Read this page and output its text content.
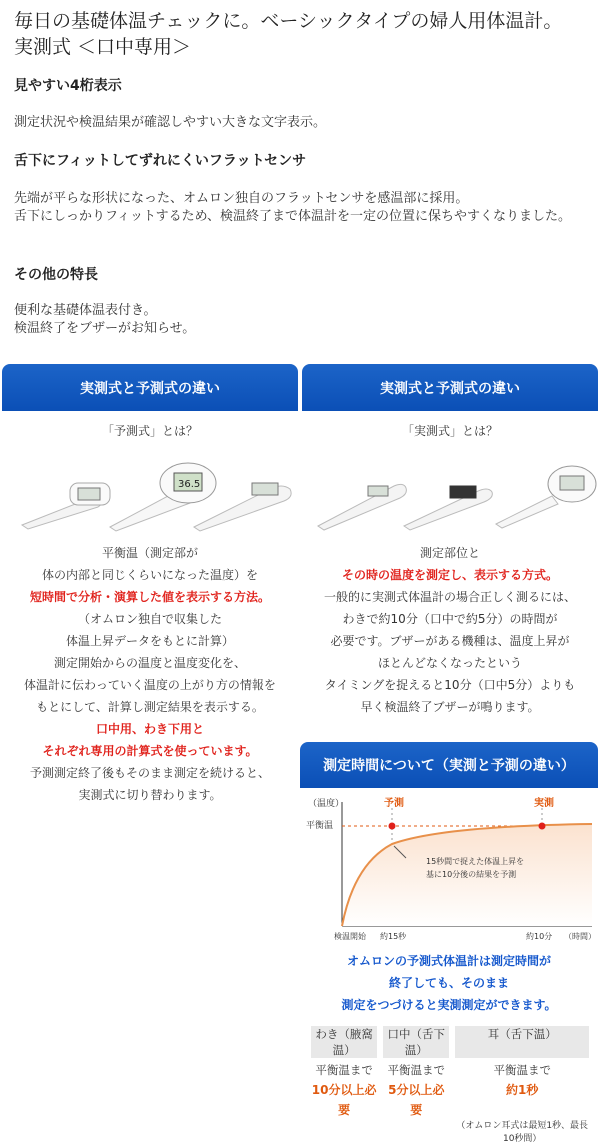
毎日の基礎体温チェックに。ベーシックタイプの婦人用体温計。実測式 ＜口中専用＞
見やすい4桁表示
測定状況や検温結果が確認しやすい大きな文字表示。
舌下にフィットしてずれにくいフラットセンサ
先端が平らな形状になった、オムロン独自のフラットセンサを感温部に採用。
舌下にしっかりフィットするため、検温終了まで体温計を一定の位置に保ちやすくなりました。
その他の特長
便利な基礎体温表付き。
検温終了をブザーがお知らせ。
実測式と予測式の違い
「予測式」とは？
36.5
平衡温（測定部が
体の内部と同じくらいになった温度）を
短時間で分析・演算した値を表示する方法。
（オムロン独自で収集した
体温上昇データをもとに計算）
測定開始からの温度と温度変化を、
体温計に伝わっていく温度の上がり方の情報を
もとにして、計算し測定結果を表示する。
口中用、わき下用と
それぞれ専用の計算式を使っています。
予測測定終了後もそのまま測定を続けると、
実測式に切り替わります。
実測式と予測式の違い
「実測式」とは？
測定部位と
その時の温度を測定し、表示する方式。
一般的に実測式体温計の場合正しく測るには、
わきで約10分（口中で約5分）の時間が
必要です。ブザーがある機種は、温度上昇が
ほとんどなくなったという
タイミングを捉えると10分（口中5分）よりも
早く検温終了ブザーが鳴ります。
測定時間について（実測と予測の違い）
（温度）
平衡温
予測	実測
15秒間で捉えた体温上昇を
基に10分後の結果を予測
検温開始 約15秒	約10分 （時間）
オムロンの予測式体温計は測定時間が
終了しても、そのまま
測定をつづけると実測測定ができます。
わき（腋窩温）	口中（舌下温）	耳（舌下温）
平衡温まで	平衡温まで	平衡温まで
10分以上必要	5分以上必要	約1秒
		（オムロン耳式は最短1秒、最長10秒間）
